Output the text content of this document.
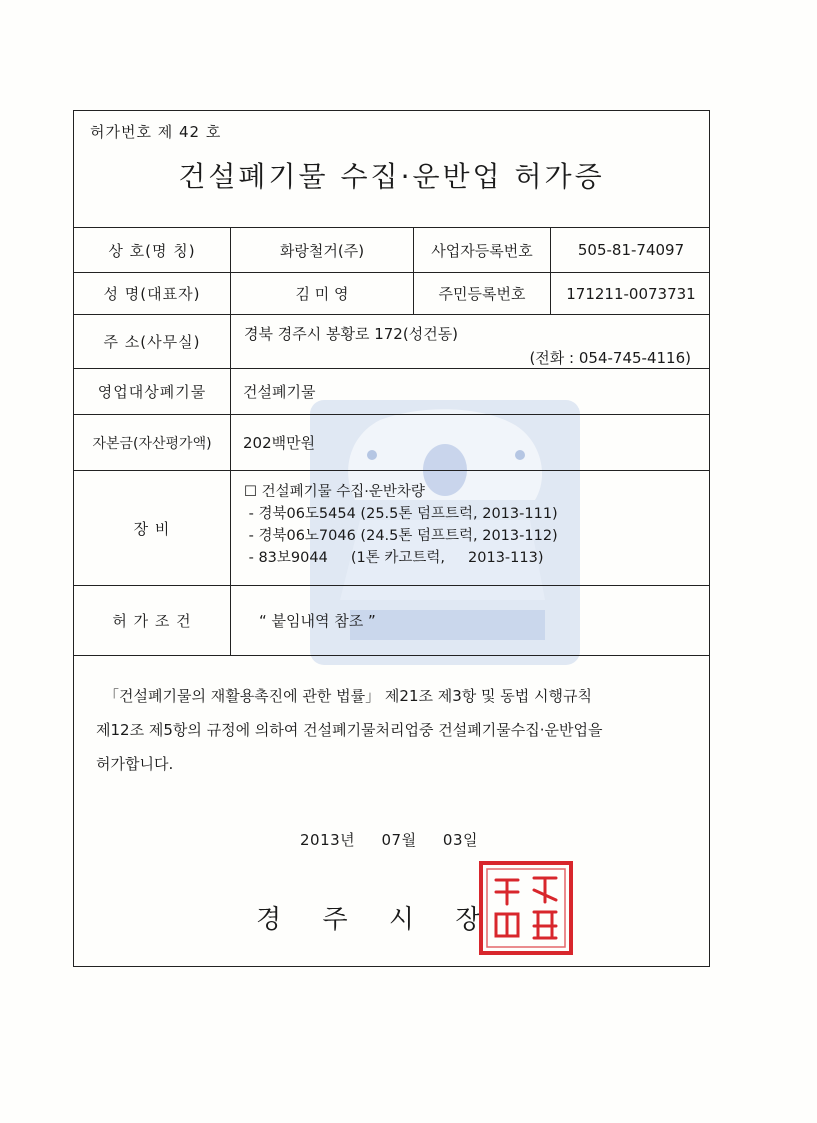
허가번호 제 42 호
건설폐기물 수집·운반업 허가증
상 호(명 칭)	화랑철거(주)	사업자등록번호	505-81-74097
성 명(대표자)	김 미 영	주민등록번호	171211-0073731
주 소(사무실)	경북 경주시 봉황로 172(성건동)
(전화 : 054-745-4116)
영업대상폐기물	건설폐기물
자본금(자산평가액)	202백만원
장 비
☐ 건설폐기물 수집·운반차량
- 경북06도5454 (25.5톤 덤프트럭, 2013-111)
- 경북06노7046 (24.5톤 덤프트럭, 2013-112)
- 83보9044     (1톤 카고트럭,     2013-113)
허 가 조 건	“ 붙임내역 참조 ”
「건설폐기물의 재활용촉진에 관한 법률」 제21조 제3항 및 동법 시행규칙
제12조 제5항의 규정에 의하여 건설폐기물처리업중 건설폐기물수집·운반업을
허가합니다.
2013년     07월     03일
경     주     시     장
